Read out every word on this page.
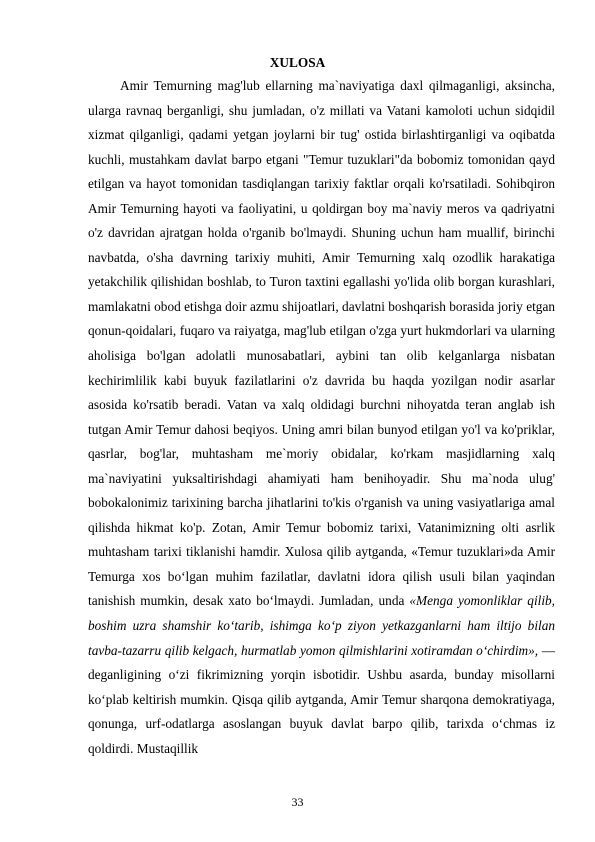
XULOSA

Amir Temurning mag'lub ellarning ma`naviyatiga daxl qilmaganligi, aksincha, ularga ravnaq berganligi, shu jumladan, o'z millati va Vatani kamoloti uchun sidqidil xizmat qilganligi, qadami yetgan joylarni bir tug' ostida birlashtirganligi va oqibatda kuchli, mustahkam davlat barpo etgani "Temur tuzuklari"da bobomiz tomonidan qayd etilgan va hayot tomonidan tasdiqlangan tarixiy faktlar orqali ko'rsatiladi. Sohibqiron Amir Temurning hayoti va faoliyatini, u qoldirgan boy ma`naviy meros va qadriyatni o'z davridan ajratgan holda o'rganib bo'lmaydi. Shuning uchun ham muallif, birinchi navbatda, o'sha davrning tarixiy muhiti, Amir Temurning xalq ozodlik harakatiga yetakchilik qilishidan boshlab, to Turon taxtini egallashi yo'lida olib borgan kurashlari, mamlakatni obod etishga doir azmu shijoatlari, davlatni boshqarish borasida joriy etgan qonun-qoidalari, fuqaro va raiyatga, mag'lub etilgan o'zga yurt hukmdorlari va ularning aholisiga bo'lgan adolatli munosabatlari, aybini tan olib kelganlarga nisbatan kechirimlilik kabi buyuk fazilatlarini o'z davrida bu haqda yozilgan nodir asarlar asosida ko'rsatib beradi. Vatan va xalq oldidagi burchni nihoyatda teran anglab ish tutgan Amir Temur dahosi beqiyos. Uning amri bilan bunyod etilgan yo'l va ko'priklar, qasrlar, bog'lar, muhtasham me`moriy obidalar, ko'rkam masjidlarning xalq ma`naviyatini yuksaltirishdagi ahamiyati ham benihoyadir. Shu ma`noda ulug' bobokalonimiz tarixining barcha jihatlarini to'kis o'rganish va uning vasiyatlariga amal qilishda hikmat ko'p. Zotan, Amir Temur bobomiz tarixi, Vatanimizning olti asrlik muhtasham tarixi tiklanishi hamdir. Xulosa qilib aytganda, «Temur tuzuklari»da Amir Temurga xos bo‘lgan muhim fazilatlar, davlatni idora qilish usuli bilan yaqindan tanishish mumkin, desak xato bo‘lmaydi. Jumladan, unda «Menga yomonliklar qilib, boshim uzra shamshir ko‘tarib, ishimga ko‘p ziyon yetkazganlarni ham iltijo bilan tavba-tazarru qilib kelgach, hurmatlab yomon qilmishlarini xotiramdan o‘chirdim», — deganligining o‘zi fikrimizning yorqin isbotidir. Ushbu asarda, bunday misollarni ko‘plab keltirish mumkin. Qisqa qilib aytganda, Amir Temur sharqona demokratiyaga, qonunga, urf-odatlarga asoslangan buyuk davlat barpo qilib, tarixda o‘chmas iz qoldirdi. Mustaqillik

33
